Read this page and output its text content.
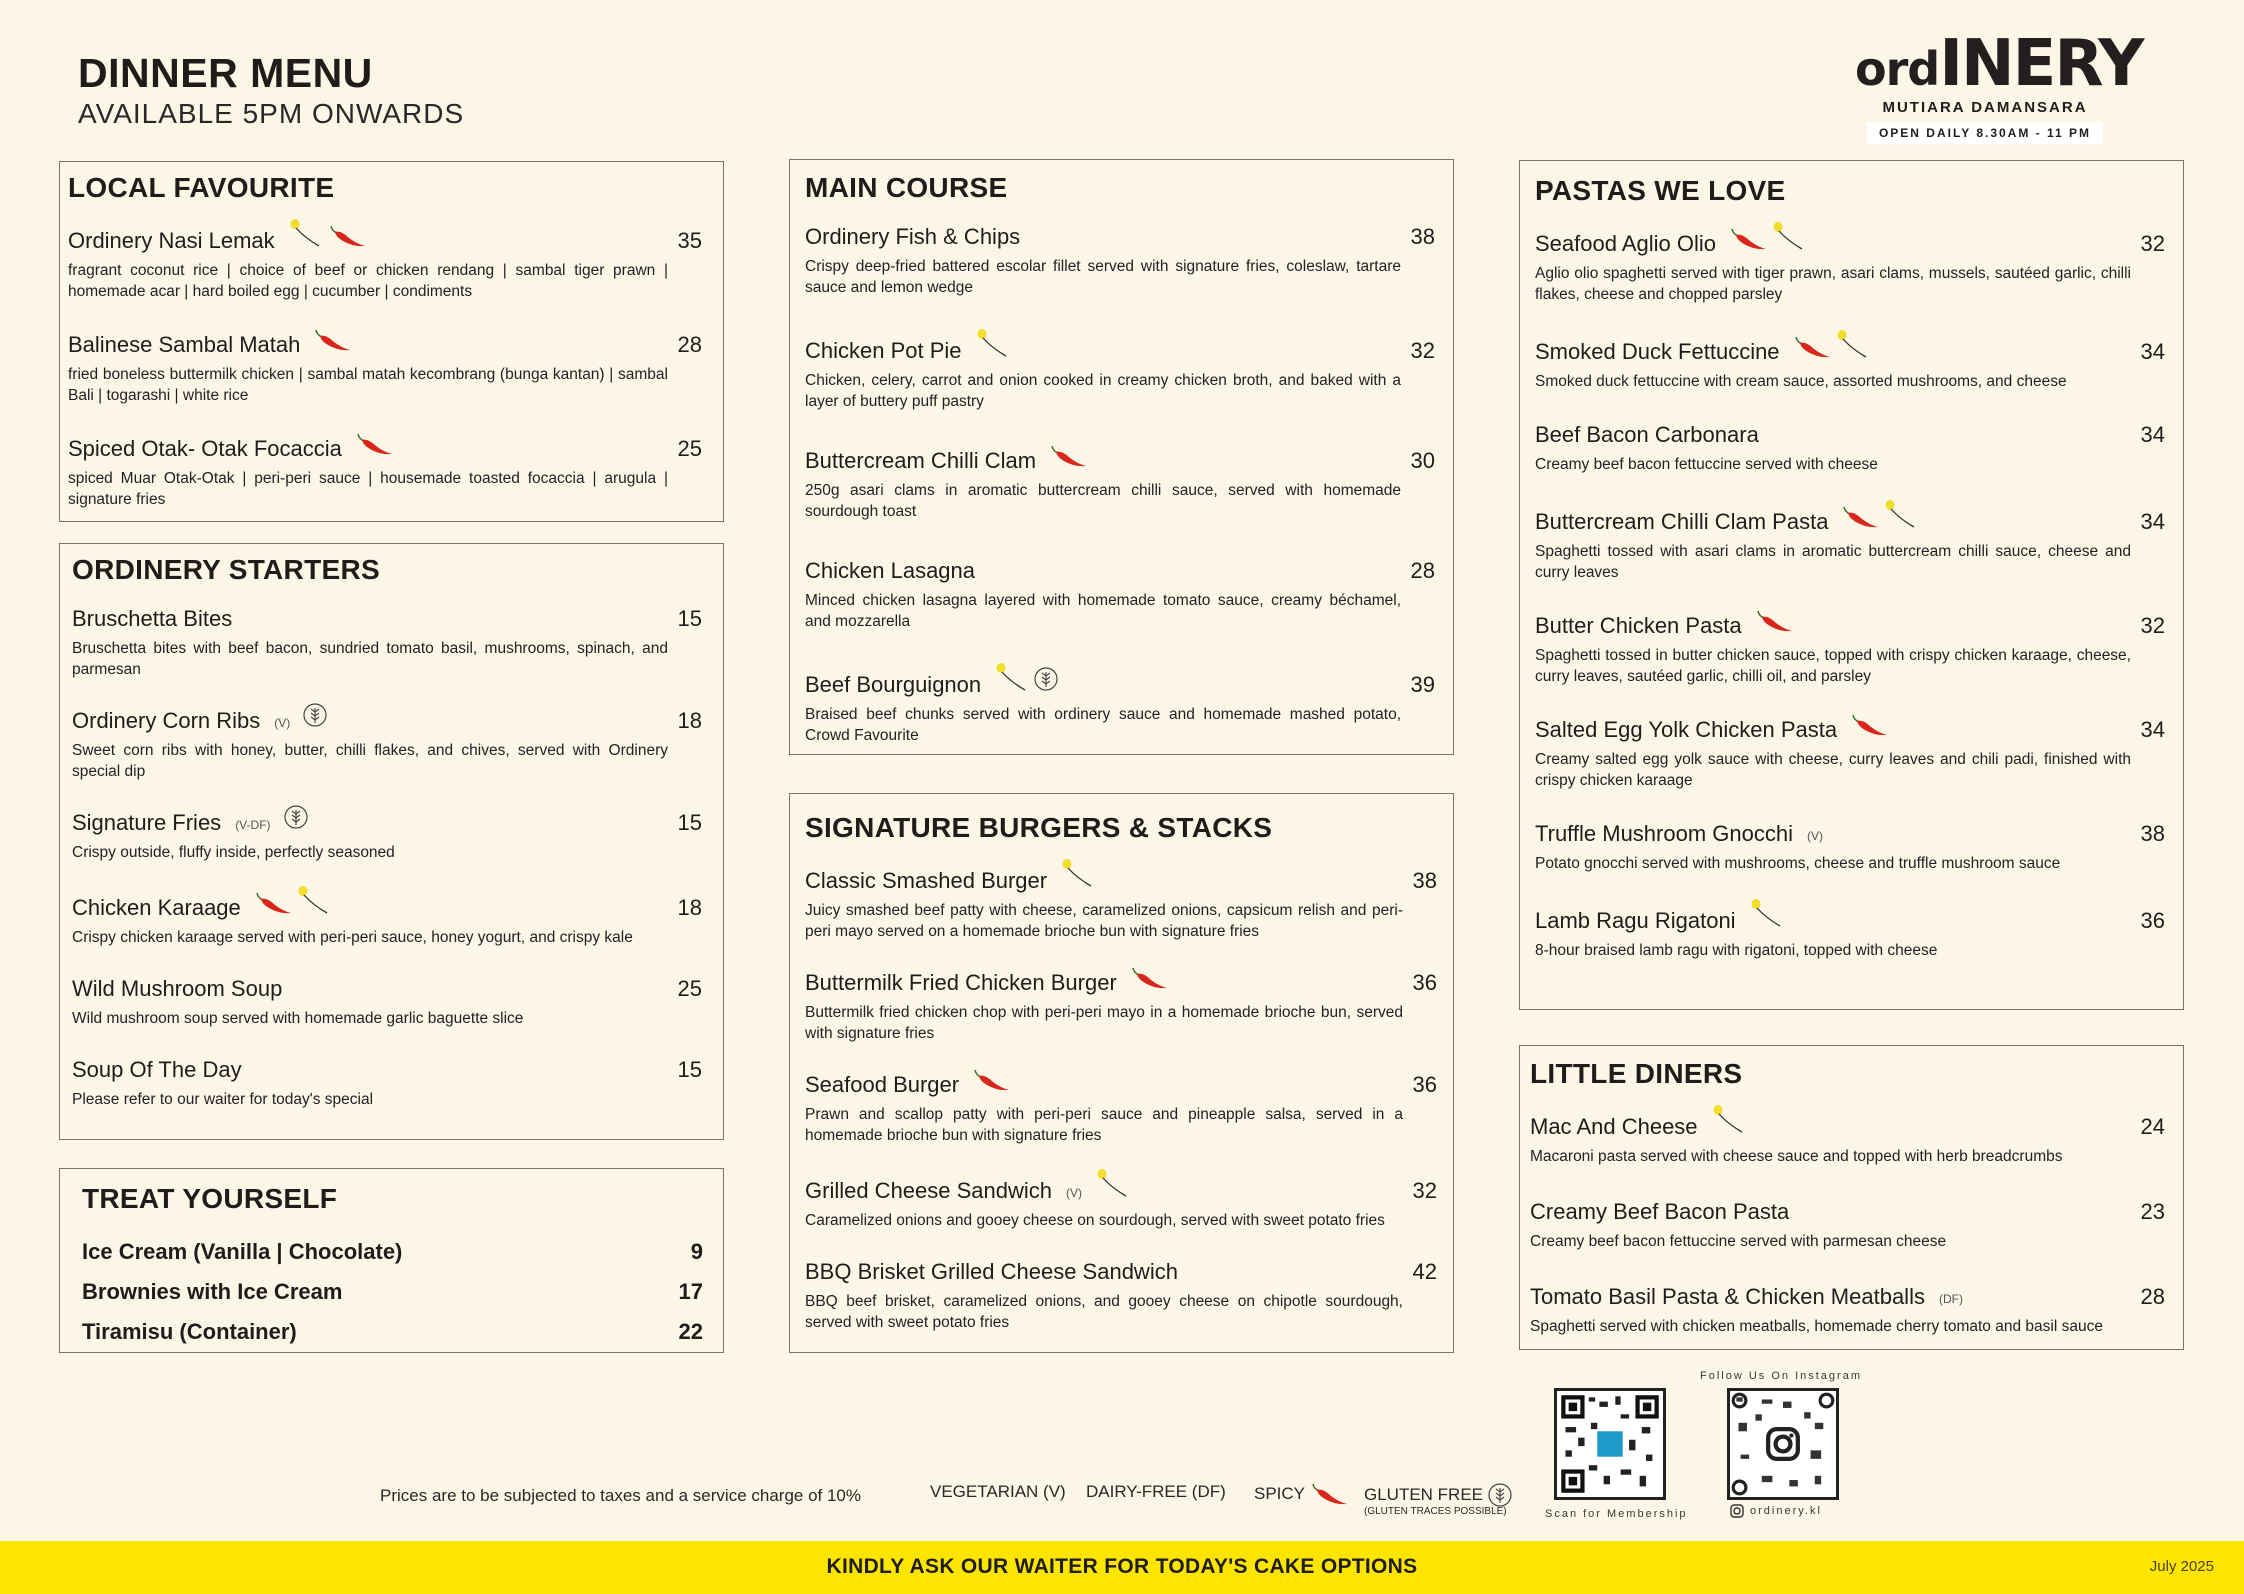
DINNER MENU
AVAILABLE 5PM ONWARDS
ordINERY
MUTIARA DAMANSARA
OPEN DAILY 8.30AM - 11 PM
LOCAL FAVOURITE
Ordinery Nasi Lemak	35
fragrant coconut rice | choice of beef or chicken rendang | sambal tiger prawn | homemade acar | hard boiled egg | cucumber | condiments
Balinese Sambal Matah	28
fried boneless buttermilk chicken | sambal matah kecombrang (bunga kantan) | sambal Bali | togarashi | white rice
Spiced Otak- Otak Focaccia	25
spiced Muar Otak-Otak | peri-peri sauce | housemade toasted focaccia | arugula | signature fries
ORDINERY STARTERS
Bruschetta Bites	15
Bruschetta bites with beef bacon, sundried tomato basil, mushrooms, spinach, and parmesan
Ordinery Corn Ribs (V)	18
Sweet corn ribs with honey, butter, chilli flakes, and chives, served with Ordinery special dip
Signature Fries (V-DF)	15
Crispy outside, fluffy inside, perfectly seasoned
Chicken Karaage	18
Crispy chicken karaage served with peri-peri sauce, honey yogurt, and crispy kale
Wild Mushroom Soup	25
Wild mushroom soup served with homemade garlic baguette slice
Soup Of The Day	15
Please refer to our waiter for today's special
TREAT YOURSELF
Ice Cream (Vanilla | Chocolate)	9
Brownies with Ice Cream	17
Tiramisu (Container)	22
MAIN COURSE
Ordinery Fish & Chips	38
Crispy deep-fried battered escolar fillet served with signature fries, coleslaw, tartare sauce and lemon wedge
Chicken Pot Pie	32
Chicken, celery, carrot and onion cooked in creamy chicken broth, and baked with a layer of buttery puff pastry
Buttercream Chilli Clam	30
250g asari clams in aromatic buttercream chilli sauce, served with homemade sourdough toast
Chicken Lasagna	28
Minced chicken lasagna layered with homemade tomato sauce, creamy béchamel, and mozzarella
Beef Bourguignon	39
Braised beef chunks served with ordinery sauce and homemade mashed potato, Crowd Favourite
SIGNATURE BURGERS & STACKS
Classic Smashed Burger	38
Juicy smashed beef patty with cheese, caramelized onions, capsicum relish and peri-peri mayo served on a homemade brioche bun with signature fries
Buttermilk Fried Chicken Burger	36
Buttermilk fried chicken chop with peri-peri mayo in a homemade brioche bun, served with signature fries
Seafood Burger	36
Prawn and scallop patty with peri-peri sauce and pineapple salsa, served in a homemade brioche bun with signature fries
Grilled Cheese Sandwich (V)	32
Caramelized onions and gooey cheese on sourdough, served with sweet potato fries
BBQ Brisket Grilled Cheese Sandwich	42
BBQ beef brisket, caramelized onions, and gooey cheese on chipotle sourdough, served with sweet potato fries
PASTAS WE LOVE
Seafood Aglio Olio	32
Aglio olio spaghetti served with tiger prawn, asari clams, mussels, sautéed garlic, chilli flakes, cheese and chopped parsley
Smoked Duck Fettuccine	34
Smoked duck fettuccine with cream sauce, assorted mushrooms, and cheese
Beef Bacon Carbonara	34
Creamy beef bacon fettuccine served with cheese
Buttercream Chilli Clam Pasta	34
Spaghetti tossed with asari clams in aromatic buttercream chilli sauce, cheese and curry leaves
Butter Chicken Pasta	32
Spaghetti tossed in butter chicken sauce, topped with crispy chicken karaage, cheese, curry leaves, sautéed garlic, chilli oil, and parsley
Salted Egg Yolk Chicken Pasta	34
Creamy salted egg yolk sauce with cheese, curry leaves and chili padi, finished with crispy chicken karaage
Truffle Mushroom Gnocchi (V)	38
Potato gnocchi served with mushrooms, cheese and truffle mushroom sauce
Lamb Ragu Rigatoni	36
8-hour braised lamb ragu with rigatoni, topped with cheese
LITTLE DINERS
Mac And Cheese	24
Macaroni pasta served with cheese sauce and topped with herb breadcrumbs
Creamy Beef Bacon Pasta	23
Creamy beef bacon fettuccine served with parmesan cheese
Tomato Basil Pasta & Chicken Meatballs (DF)	28
Spaghetti served with chicken meatballs, homemade cherry tomato and basil sauce
Prices are to be subjected to taxes and a service charge of 10%	VEGETARIAN (V) DAIRY-FREE (DF) SPICY	GLUTEN FREE
(GLUTEN TRACES POSSIBLE)	Scan for Membership
Follow Us On Instagram
ordinery.kl
KINDLY ASK OUR WAITER FOR TODAY'S CAKE OPTIONS	July 2025
